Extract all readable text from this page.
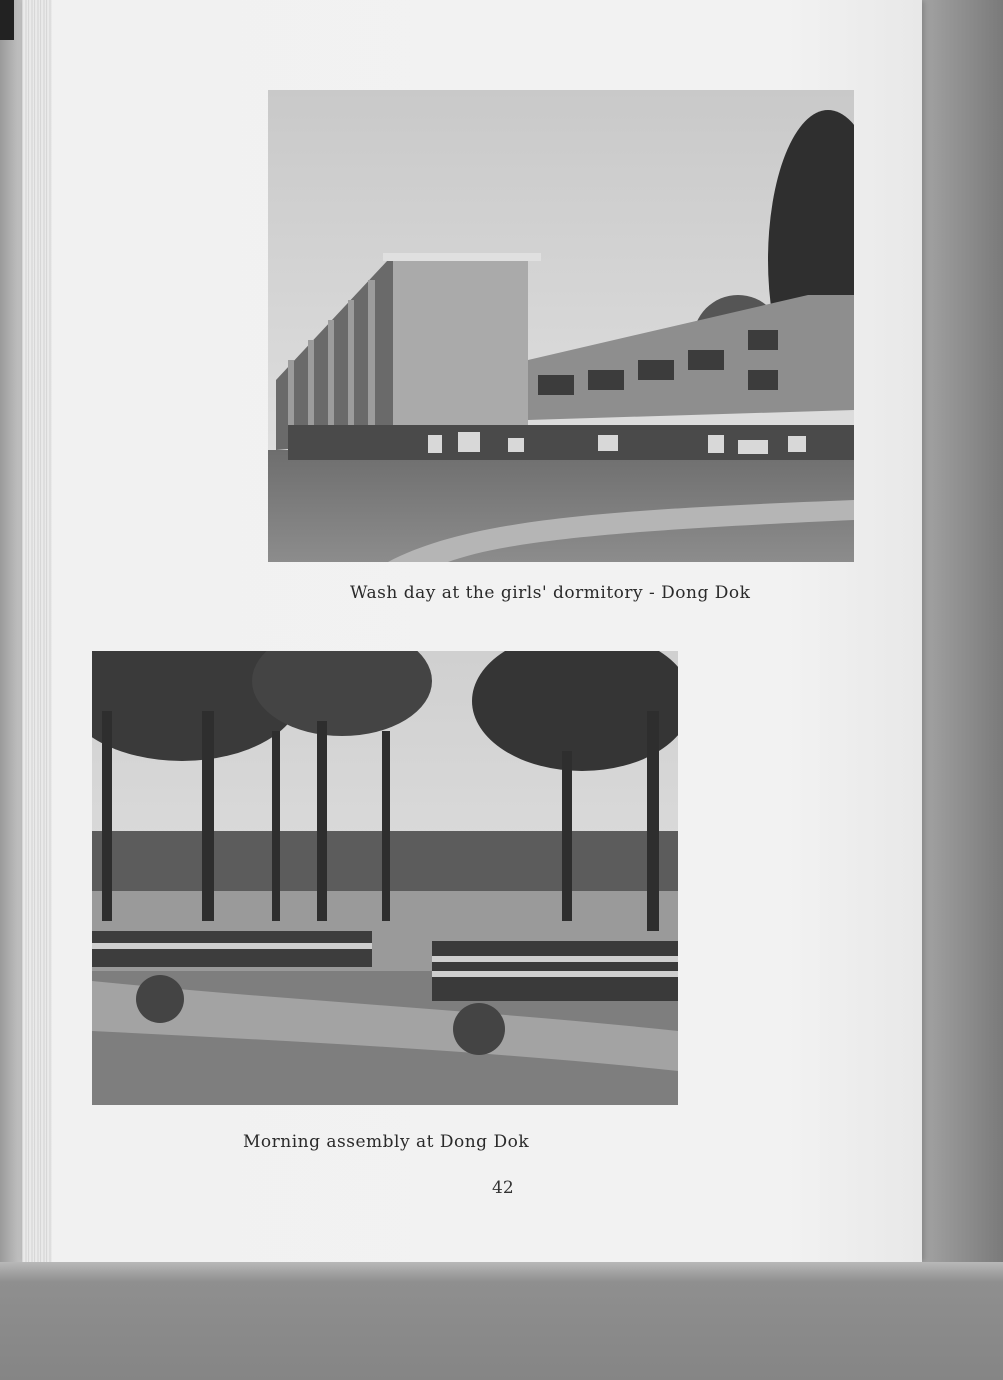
Wash day at the girls' dormitory - Dong Dok
Morning assembly at Dong Dok
42
